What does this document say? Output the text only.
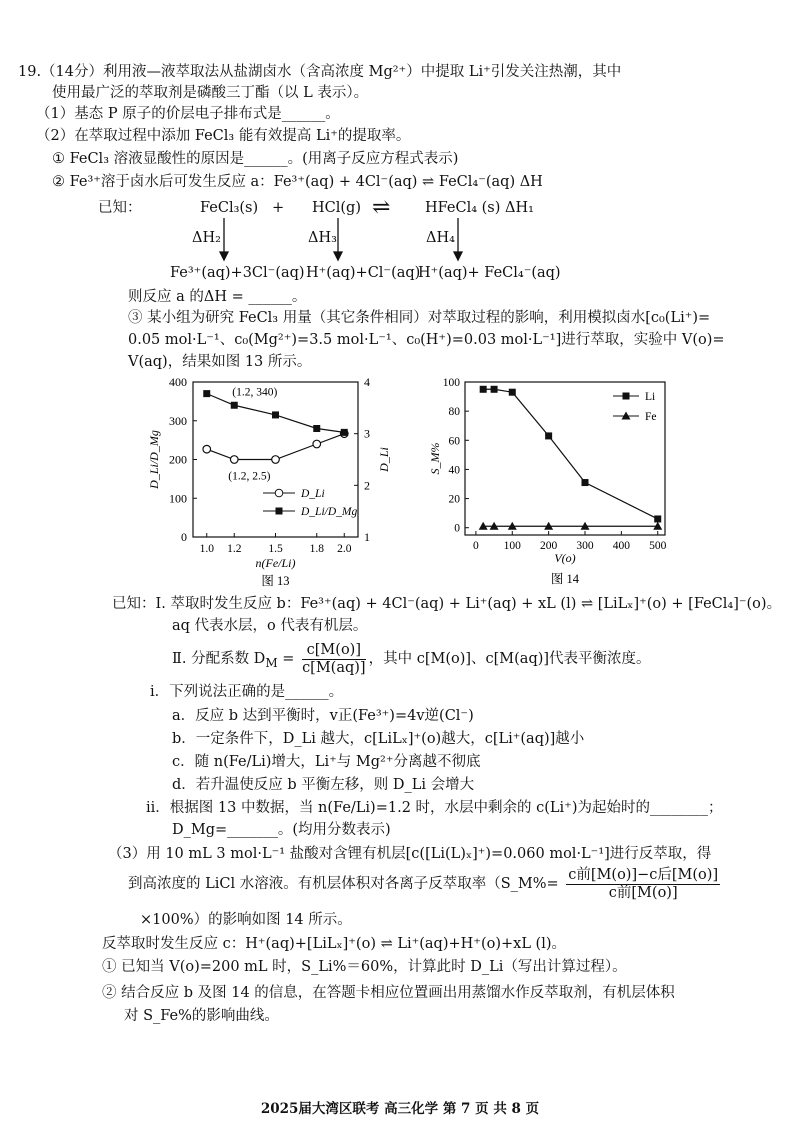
19.（14分）利用液—液萃取法从盐湖卤水（含高浓度 Mg²⁺）中提取 Li⁺引发关注热潮，其中
使用最广泛的萃取剂是磷酸三丁酯（以 L 表示）。
（1）基态 P 原子的价层电子排布式是______。
（2）在萃取过程中添加 FeCl₃ 能有效提高 Li⁺的提取率。
① FeCl₃ 溶液显酸性的原因是______。(用离子反应方程式表示)
② Fe³⁺溶于卤水后可发生反应 a：Fe³⁺(aq) + 4Cl⁻(aq) ⇌ FeCl₄⁻(aq) ΔH
已知：	FeCl₃(s) + HCl(g) ⇌ HFeCl₄ (s) ΔH₁
ΔH₂	ΔH₃	ΔH₄
Fe³⁺(aq)+3Cl⁻(aq) H⁺(aq)+Cl⁻(aq)
H⁺(aq)+ FeCl₄⁻(aq)
则反应 a 的ΔH = ______。
③ 某小组为研究 FeCl₃ 用量（其它条件相同）对萃取过程的影响，利用模拟卤水[c₀(Li⁺)=
0.05 mol·L⁻¹、c₀(Mg²⁺)=3.5 mol·L⁻¹、c₀(H⁺)=0.03 mol·L⁻¹]进行萃取，实验中 V(o)=
V(aq)，结果如图 13 所示。
0
100
200
300
400
1
2
3
4
1.0 1.2 1.5 1.8 2.0
n(Fe/Li)
图 13
D_Li/D_Mg	D_Li
(1.2, 340)
(1.2, 2.5)
D_Li
D_Li/D_Mg
0
20
40
60
80
100
0 100 200 300 400 500
V(o)
图 14
S_M%
Li
Fe
已知：Ⅰ. 萃取时发生反应 b：Fe³⁺(aq) + 4Cl⁻(aq) + Li⁺(aq) + xL (l) ⇌ [LiLₓ]⁺(o) + [FeCl₄]⁻(o)。
aq 代表水层，o 代表有机层。
Ⅱ. 分配系数 $D_M = \frac{c[M(o)]}{c[M(aq)]}$ ，其中 c[M(o)]、c[M(aq)]代表平衡浓度。
i．下列说法正确的是______。
a．反应 b 达到平衡时，v正(Fe³⁺)=4v逆(Cl⁻)
b．一定条件下，D_Li 越大，c[LiLₓ]⁺(o)越大，c[Li⁺(aq)]越小
c．随 n(Fe/Li)增大，Li⁺与 Mg²⁺分离越不彻底
d．若升温使反应 b 平衡左移，则 D_Li 会增大
ii．根据图 13 中数据，当 n(Fe/Li)=1.2 时，水层中剩余的 c(Li⁺)为起始时的________；
D_Mg=_______。(均用分数表示)
（3）用 10 mL 3 mol·L⁻¹ 盐酸对含锂有机层[c([Li(L)ₓ]⁺)=0.060 mol·L⁻¹]进行反萃取，得
到高浓度的 LiCl 水溶液。有机层体积对各离子反萃取率（S_M%= $\frac{\text{c前[M(o)]−c后[M(o)]}}{\text{c前[M(o)]}}$
×100%）的影响如图 14 所示。
反萃取时发生反应 c：H⁺(aq)+[LiLₓ]⁺(o) ⇌ Li⁺(aq)+H⁺(o)+xL (l)。
① 已知当 V(o)=200 mL 时，S_Li%＝60%，计算此时 D_Li（写出计算过程）。
② 结合反应 b 及图 14 的信息，在答题卡相应位置画出用蒸馏水作反萃取剂，有机层体积
对 S_Fe%的影响曲线。
2025届大湾区联考 高三化学 第 7 页 共 8 页
